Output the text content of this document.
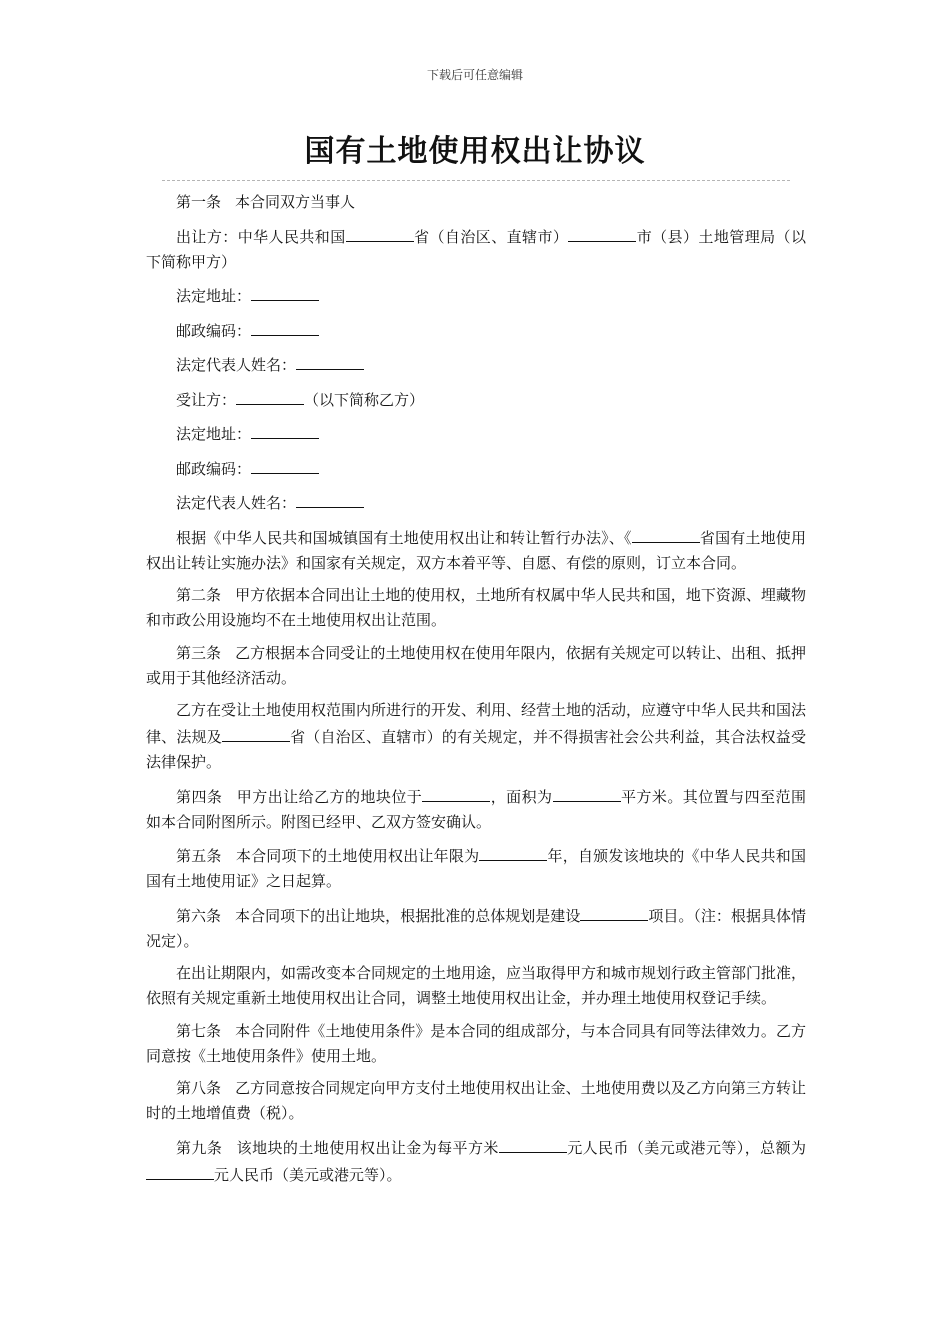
下载后可任意编辑
国有土地使用权出让协议

第一条 本合同双方当事人

出让方：中华人民共和国	省（自治区、直辖市）	市（县）土地管理局（以下简称甲方）

法定地址：

邮政编码：

法定代表人姓名：

受让方：	（以下简称乙方）

法定地址：

邮政编码：

法定代表人姓名：

根据《中华人民共和国城镇国有土地使用权出让和转让暂行办法》、《	省国有土地使用权出让转让实施办法》和国家有关规定，双方本着平等、自愿、有偿的原则，订立本合同。

第二条 甲方依据本合同出让土地的使用权，土地所有权属中华人民共和国，地下资源、埋藏物和市政公用设施均不在土地使用权出让范围。

第三条 乙方根据本合同受让的土地使用权在使用年限内，依据有关规定可以转让、出租、抵押或用于其他经济活动。

乙方在受让土地使用权范围内所进行的开发、利用、经营土地的活动，应遵守中华人民共和国法律、法规及	省（自治区、直辖市）的有关规定，并不得损害社会公共利益，其合法权益受法律保护。

第四条 甲方出让给乙方的地块位于	，面积为	平方米。其位置与四至范围如本合同附图所示。附图已经甲、乙双方签安确认。

第五条 本合同项下的土地使用权出让年限为	年，自颁发该地块的《中华人民共和国国有土地使用证》之日起算。

第六条 本合同项下的出让地块，根据批准的总体规划是建设	项目。（注：根据具体情况定）。

在出让期限内，如需改变本合同规定的土地用途，应当取得甲方和城市规划行政主管部门批准，依照有关规定重新土地使用权出让合同，调整土地使用权出让金，并办理土地使用权登记手续。

第七条 本合同附件《土地使用条件》是本合同的组成部分，与本合同具有同等法律效力。乙方同意按《土地使用条件》使用土地。

第八条 乙方同意按合同规定向甲方支付土地使用权出让金、土地使用费以及乙方向第三方转让时的土地增值费（税）。

第九条 该地块的土地使用权出让金为每平方米	元人民币（美元或港元等），总额为元人民币（美元或港元等）。
